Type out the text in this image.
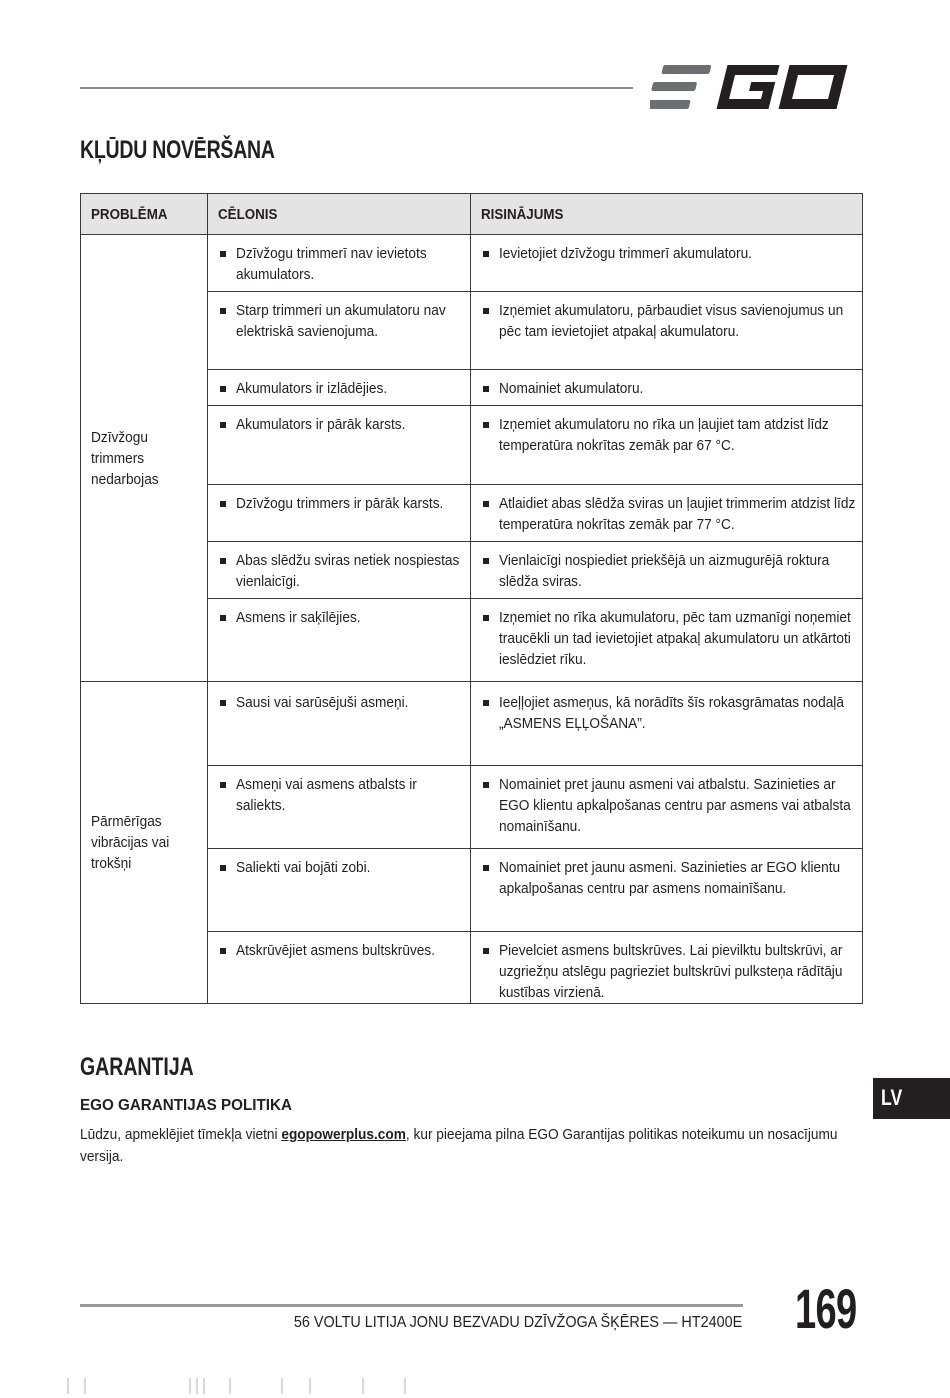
KĻŪDU NOVĒRŠANA
PROBLĒMA	CĒLONIS	RISINĀJUMS

Dzīvžogu trimmers nedarbojas	Dzīvžogu trimmerī nav ievietots akumulators.	Ievietojiet dzīvžogu trimmerī akumulatoru.

	Starp trimmeri un akumulatoru nav elektriskā savienojuma.	Izņemiet akumulatoru, pārbaudiet visus savienojumus un pēc tam ievietojiet atpakaļ akumulatoru.

	Akumulators ir izlādējies.	Nomainiet akumulatoru.

	Akumulators ir pārāk karsts.	Izņemiet akumulatoru no rīka un ļaujiet tam atdzist līdz temperatūra nokrītas zemāk par 67 °C.

	Dzīvžogu trimmers ir pārāk karsts.	Atlaidiet abas slēdža sviras un ļaujiet trimmerim atdzist līdz temperatūra nokrītas zemāk par 77 °C.

	Abas slēdžu sviras netiek nospiestas vienlaicīgi.	Vienlaicīgi nospiediet priekšējā un aizmugurējā roktura slēdža sviras.

	Asmens ir saķīlējies.	Izņemiet no rīka akumulatoru, pēc tam uzmanīgi noņemiet traucēkli un tad ievietojiet atpakaļ akumulatoru un atkārtoti ieslēdziet rīku.

Pārmērīgas vibrācijas vai trokšņi	Sausi vai sarūsējuši asmeņi.	Ieeļļojiet asmeņus, kā norādīts šīs rokasgrāmatas nodaļā „ASMENS EĻĻOŠANA”.

	Asmeņi vai asmens atbalsts ir saliekts.	Nomainiet pret jaunu asmeni vai atbalstu. Sazinieties ar EGO klientu apkalpošanas centru par asmens vai atbalsta nomainīšanu.

	Saliekti vai bojāti zobi.	Nomainiet pret jaunu asmeni. Sazinieties ar EGO klientu apkalpošanas centru par asmens nomainīšanu.

	Atskrūvējiet asmens bultskrūves.	Pievelciet asmens bultskrūves. Lai pievilktu bultskrūvi, ar uzgriežņu atslēgu pagrieziet bultskrūvi pulksteņa rādītāju kustības virzienā.
GARANTIJA
EGO GARANTIJAS POLITIKA
Lūdzu, apmeklējiet tīmekļa vietni egopowerplus.com, kur pieejama pilna EGO Garantijas politikas noteikumu un nosacījumu versija.
LV
56 VOLTU LITIJA JONU BEZVADU DZĪVŽOGA ŠĶĒRES — HT2400E 169
